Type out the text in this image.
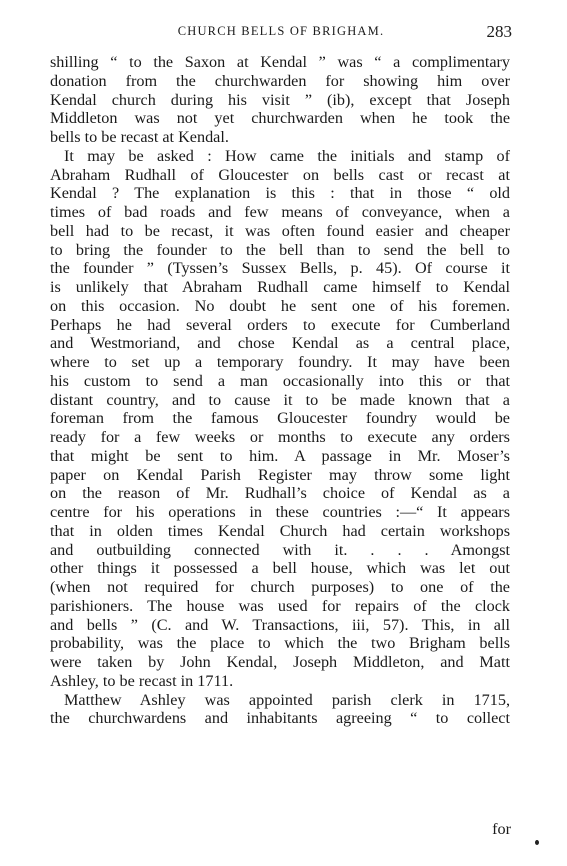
CHURCH BELLS OF BRIGHAM.	283
shilling “ to the Saxon at Kendal ” was “ a complimentary
donation from the churchwarden for showing him over
Kendal church during his visit ” (ib), except that Joseph
Middleton was not yet churchwarden when he took the
bells to be recast at Kendal.
It may be asked : How came the initials and stamp of
Abraham Rudhall of Gloucester on bells cast or recast at
Kendal ? The explanation is this : that in those “ old
times of bad roads and few means of conveyance, when a
bell had to be recast, it was often found easier and cheaper
to bring the founder to the bell than to send the bell to
the founder ” (Tyssen’s Sussex Bells, p. 45). Of course it
is unlikely that Abraham Rudhall came himself to Kendal
on this occasion. No doubt he sent one of his foremen.
Perhaps he had several orders to execute for Cumberland
and Westmoriand, and chose Kendal as a central place,
where to set up a temporary foundry. It may have been
his custom to send a man occasionally into this or that
distant country, and to cause it to be made known that a
foreman from the famous Gloucester foundry would be
ready for a few weeks or months to execute any orders
that might be sent to him. A passage in Mr. Moser’s
paper on Kendal Parish Register may throw some light
on the reason of Mr. Rudhall’s choice of Kendal as a
centre for his operations in these countries :—“ It appears
that in olden times Kendal Church had certain workshops
and outbuilding connected with it. . . . Amongst
other things it possessed a bell house, which was let out
(when not required for church purposes) to one of the
parishioners. The house was used for repairs of the clock
and bells ” (C. and W. Transactions, iii, 57). This, in all
probability, was the place to which the two Brigham bells
were taken by John Kendal, Joseph Middleton, and Matt
Ashley, to be recast in 1711.
Matthew Ashley was appointed parish clerk in 1715,
the churchwardens and inhabitants agreeing “ to collect
for
